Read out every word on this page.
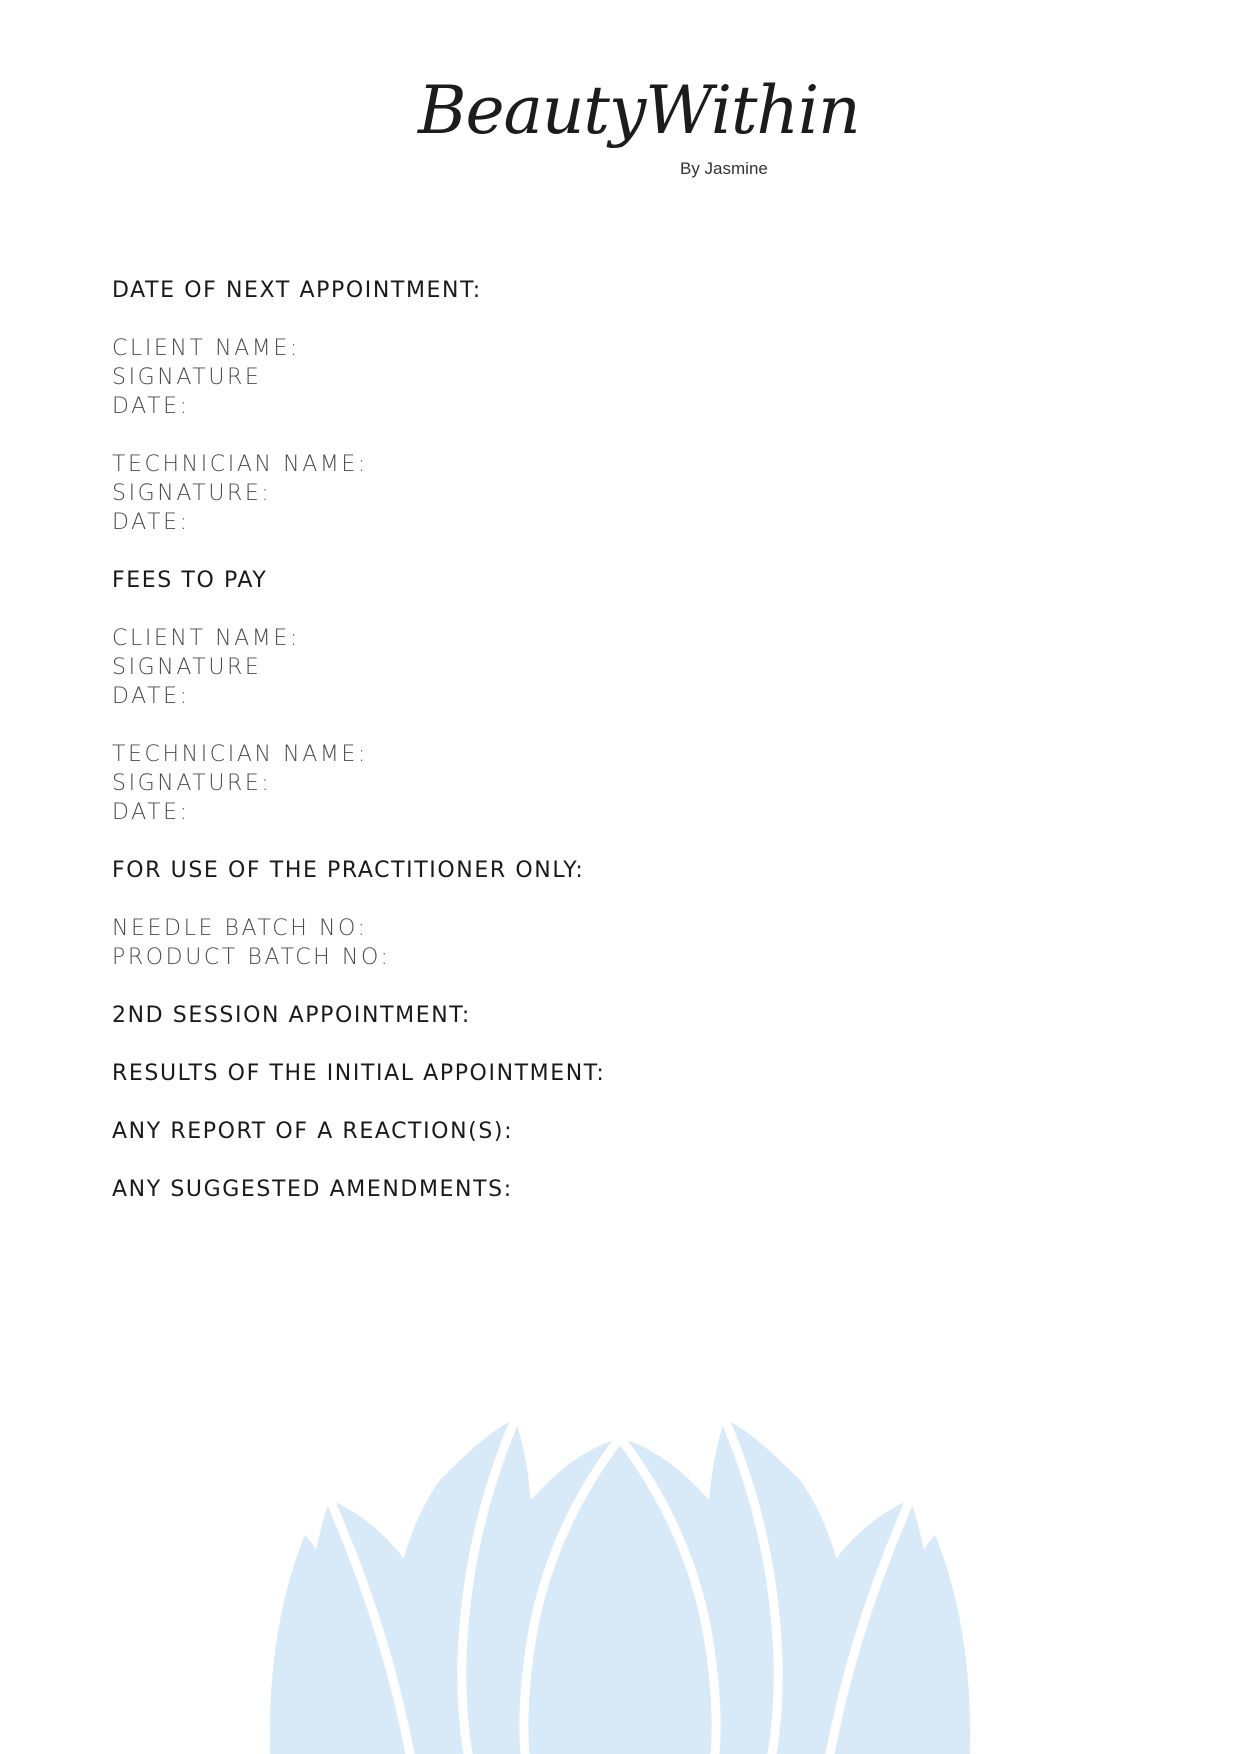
BeautyWithin
By Jasmine
DATE OF NEXT APPOINTMENT:
CLIENT NAME:
SIGNATURE
DATE:
TECHNICIAN NAME:
SIGNATURE:
DATE:
FEES TO PAY
CLIENT NAME:
SIGNATURE
DATE:
TECHNICIAN NAME:
SIGNATURE:
DATE:
FOR USE OF THE PRACTITIONER ONLY:
NEEDLE BATCH NO:
PRODUCT BATCH NO:
2ND SESSION APPOINTMENT:
RESULTS OF THE INITIAL APPOINTMENT:
ANY REPORT OF A REACTION(S):
ANY SUGGESTED AMENDMENTS:
